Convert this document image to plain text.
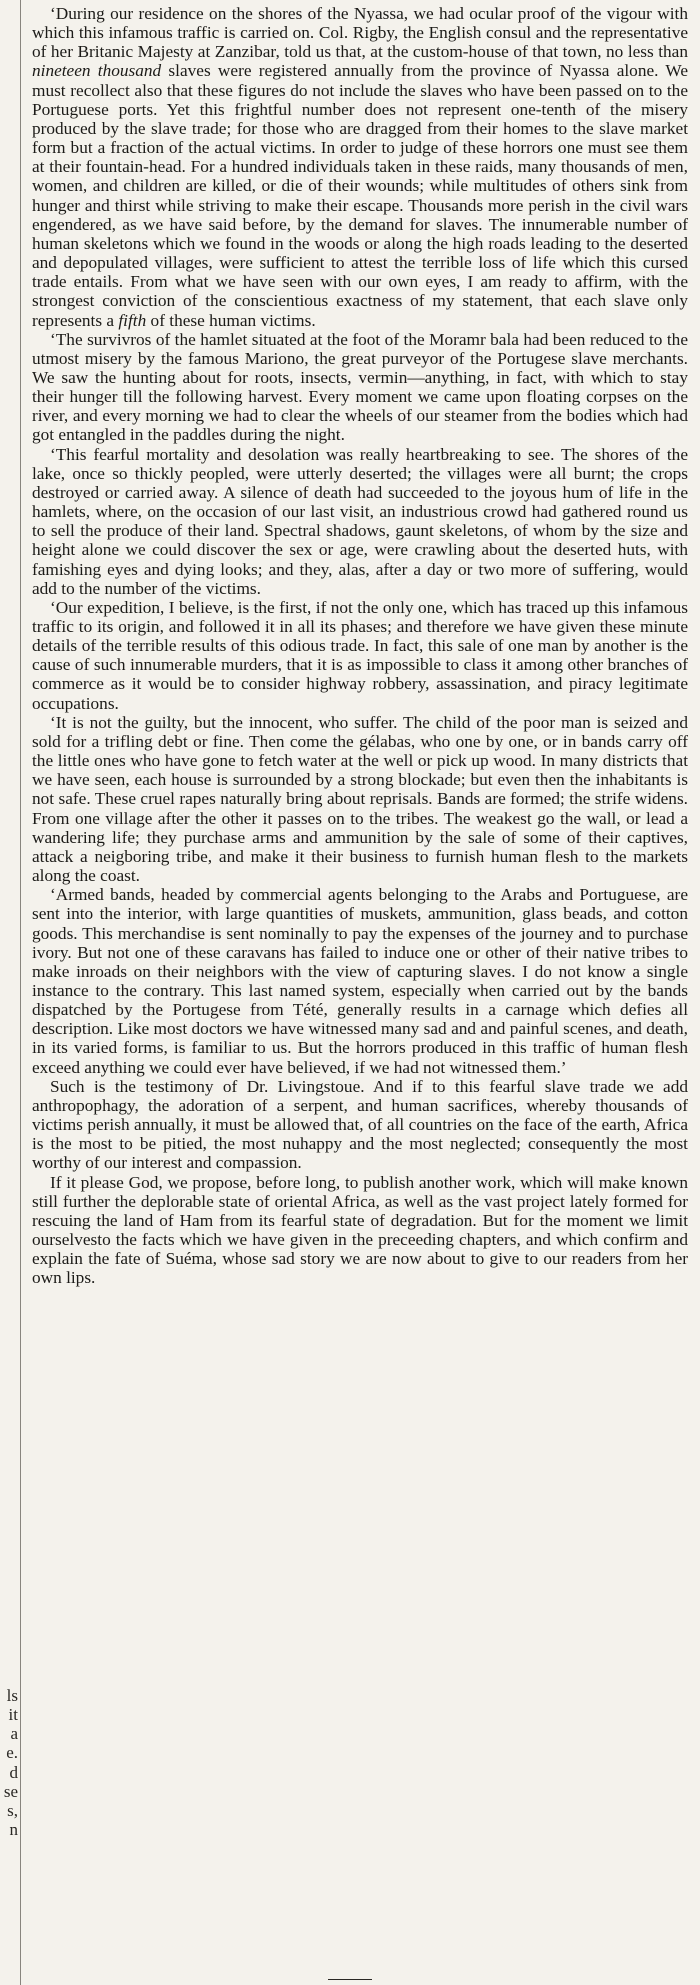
ls
it
a
e.
d
se
s,
n

‘During our residence on the shores of the Nyassa, we had ocular proof of the vigour with which this infamous traffic is carried on. Col. Rigby, the English consul and the representative of her Britanic Majesty at Zanzibar, told us that, at the custom-house of that town, no less than nineteen thousand slaves were registered annually from the province of Nyassa alone. We must recollect also that these figures do not include the slaves who have been passed on to the Portuguese ports. Yet this frightful number does not represent one-tenth of the misery produced by the slave trade; for those who are dragged from their homes to the slave market form but a fraction of the actual victims. In order to judge of these horrors one must see them at their fountain-head. For a hundred individuals taken in these raids, many thousands of men, women, and children are killed, or die of their wounds; while multitudes of others sink from hunger and thirst while striving to make their escape. Thousands more perish in the civil wars engendered, as we have said before, by the demand for slaves. The innumerable number of human skeletons which we found in the woods or along the high roads leading to the deserted and depopulated villages, were sufficient to attest the terrible loss of life which this cursed trade entails. From what we have seen with our own eyes, I am ready to affirm, with the strongest conviction of the conscientious exactness of my statement, that each slave only represents a fifth of these human victims.

‘The survivros of the hamlet situated at the foot of the Moramr bala had been reduced to the utmost misery by the famous Mariono, the great purveyor of the Portugese slave merchants. We saw the hunting about for roots, insects, vermin—anything, in fact, with which to stay their hunger till the following harvest. Every moment we came upon floating corpses on the river, and every morning we had to clear the wheels of our steamer from the bodies which had got entangled in the paddles during the night.

‘This fearful mortality and desolation was really heartbreaking to see. The shores of the lake, once so thickly peopled, were utterly deserted; the villages were all burnt; the crops destroyed or carried away. A silence of death had succeeded to the joyous hum of life in the hamlets, where, on the occasion of our last visit, an industrious crowd had gathered round us to sell the produce of their land. Spectral shadows, gaunt skeletons, of whom by the size and height alone we could discover the sex or age, were crawling about the deserted huts, with famishing eyes and dying looks; and they, alas, after a day or two more of suffering, would add to the number of the victims.

‘Our expedition, I believe, is the first, if not the only one, which has traced up this infamous traffic to its origin, and followed it in all its phases; and therefore we have given these minute details of the terrible results of this odious trade. In fact, this sale of one man by another is the cause of such innumerable murders, that it is as impossible to class it among other branches of commerce as it would be to consider highway robbery, assassination, and piracy legitimate occupations.

‘It is not the guilty, but the innocent, who suffer. The child of the poor man is seized and sold for a trifling debt or fine. Then come the gélabas, who one by one, or in bands carry off the little ones who have gone to fetch water at the well or pick up wood. In many districts that we have seen, each house is surrounded by a strong blockade; but even then the inhabitants is not safe. These cruel rapes naturally bring about reprisals. Bands are formed; the strife widens. From one village after the other it passes on to the tribes. The weakest go the wall, or lead a wandering life; they purchase arms and ammunition by the sale of some of their captives, attack a neigboring tribe, and make it their business to furnish human flesh to the markets along the coast.

‘Armed bands, headed by commercial agents belonging to the Arabs and Portuguese, are sent into the interior, with large quantities of muskets, ammunition, glass beads, and cotton goods. This merchandise is sent nominally to pay the expenses of the journey and to purchase ivory. But not one of these caravans has failed to induce one or other of their native tribes to make inroads on their neighbors with the view of capturing slaves. I do not know a single instance to the contrary. This last named system, especially when carried out by the bands dispatched by the Portugese from Tété, generally results in a carnage which defies all description. Like most doctors we have witnessed many sad and and painful scenes, and death, in its varied forms, is familiar to us. But the horrors produced in this traffic of human flesh exceed anything we could ever have believed, if we had not witnessed them.’

Such is the testimony of Dr. Livingstoue. And if to this fearful slave trade we add anthropophagy, the adoration of a serpent, and human sacrifices, whereby thousands of victims perish annually, it must be allowed that, of all countries on the face of the earth, Africa is the most to be pitied, the most nuhappy and the most neglected; consequently the most worthy of our interest and compassion.

If it please God, we propose, before long, to publish another work, which will make known still further the deplorable state of oriental Africa, as well as the vast project lately formed for rescuing the land of Ham from its fearful state of degradation. But for the moment we limit ourselvesto the facts which we have given in the preceeding chapters, and which confirm and explain the fate of Suéma, whose sad story we are now about to give to our readers from her own lips.
